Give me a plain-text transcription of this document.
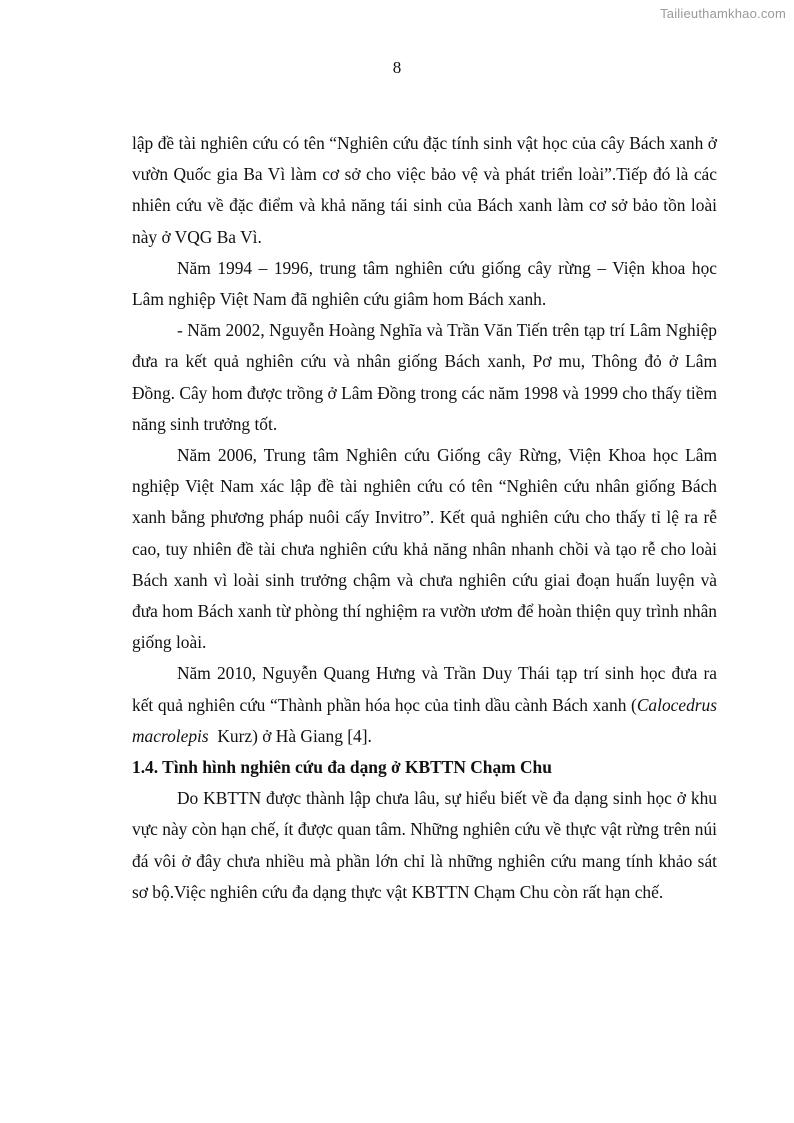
Tailieuthamkhao.com
8

lập đề tài nghiên cứu có tên “Nghiên cứu đặc tính sinh vật học của cây Bách xanh ở vườn Quốc gia Ba Vì làm cơ sở cho việc bảo vệ và phát triển loài”.Tiếp đó là các nhiên cứu về đặc điểm và khả năng tái sinh của Bách xanh làm cơ sở bảo tồn loài này ở VQG Ba Vì.

Năm 1994 – 1996, trung tâm nghiên cứu giống cây rừng – Viện khoa học Lâm nghiệp Việt Nam đã nghiên cứu giâm hom Bách xanh.

- Năm 2002, Nguyễn Hoàng Nghĩa và Trần Văn Tiến trên tạp trí Lâm Nghiệp đưa ra kết quả nghiên cứu và nhân giống Bách xanh, Pơ mu, Thông đỏ ở Lâm Đồng. Cây hom được trồng ở Lâm Đồng trong các năm 1998 và 1999 cho thấy tiềm năng sinh trưởng tốt.

Năm 2006, Trung tâm Nghiên cứu Giống cây Rừng, Viện Khoa học Lâm nghiệp Việt Nam xác lập đề tài nghiên cứu có tên “Nghiên cứu nhân giống Bách xanh bằng phương pháp nuôi cấy Invitro”. Kết quả nghiên cứu cho thấy tỉ lệ ra rễ cao, tuy nhiên đề tài chưa nghiên cứu khả năng nhân nhanh chồi và tạo rễ cho loài Bách xanh vì loài sinh trưởng chậm và chưa nghiên cứu giai đoạn huấn luyện và đưa hom Bách xanh từ phòng thí nghiệm ra vườn ươm để hoàn thiện quy trình nhân giống loài.

Năm 2010, Nguyễn Quang Hưng và Trần Duy Thái tạp trí sinh học đưa ra kết quả nghiên cứu “Thành phần hóa học của tinh dầu cành Bách xanh (Calocedrus macrolepis  Kurz) ở Hà Giang [4].

1.4. Tình hình nghiên cứu đa dạng ở KBTTN Chạm Chu

Do KBTTN được thành lập chưa lâu, sự hiểu biết về đa dạng sinh học ở khu vực này còn hạn chế, ít được quan tâm. Những nghiên cứu về thực vật rừng trên núi đá vôi ở đây chưa nhiều mà phần lớn chỉ là những nghiên cứu mang tính khảo sát sơ bộ.Việc nghiên cứu đa dạng thực vật KBTTN Chạm Chu còn rất hạn chế.
